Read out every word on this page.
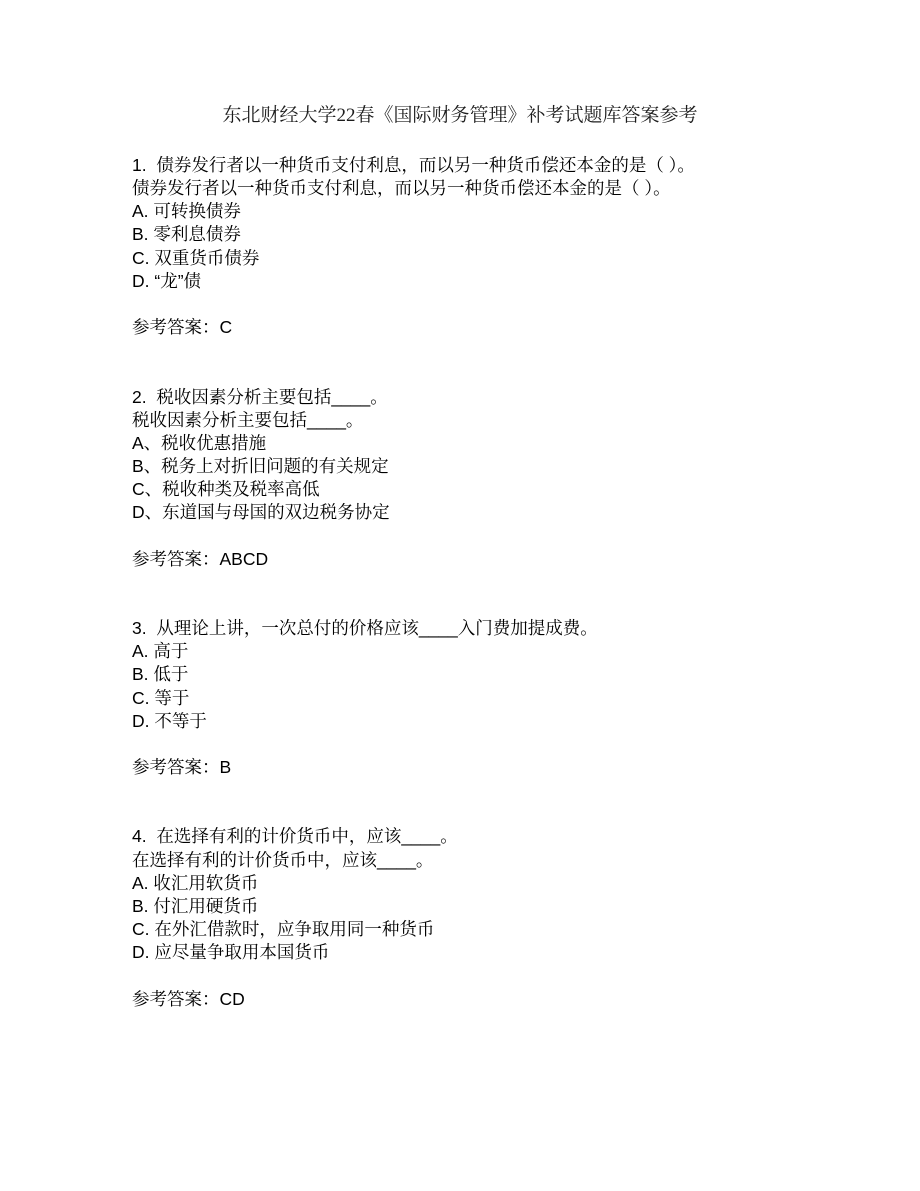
东北财经大学22春《国际财务管理》补考试题库答案参考

1.  债券发行者以一种货币支付利息，而以另一种货币偿还本金的是（ ）。

债券发行者以一种货币支付利息，而以另一种货币偿还本金的是（ ）。

A. 可转换债券

B. 零利息债券

C. 双重货币债券

D. “龙”债

参考答案：C

2.  税收因素分析主要包括____。

税收因素分析主要包括____。

A、税收优惠措施

B、税务上对折旧问题的有关规定

C、税收种类及税率高低

D、东道国与母国的双边税务协定

参考答案：ABCD

3.  从理论上讲，一次总付的价格应该____入门费加提成费。

A. 高于

B. 低于

C. 等于

D. 不等于

参考答案：B

4.  在选择有利的计价货币中，应该____。

在选择有利的计价货币中，应该____。

A. 收汇用软货币

B. 付汇用硬货币

C. 在外汇借款时，应争取用同一种货币

D. 应尽量争取用本国货币

参考答案：CD
